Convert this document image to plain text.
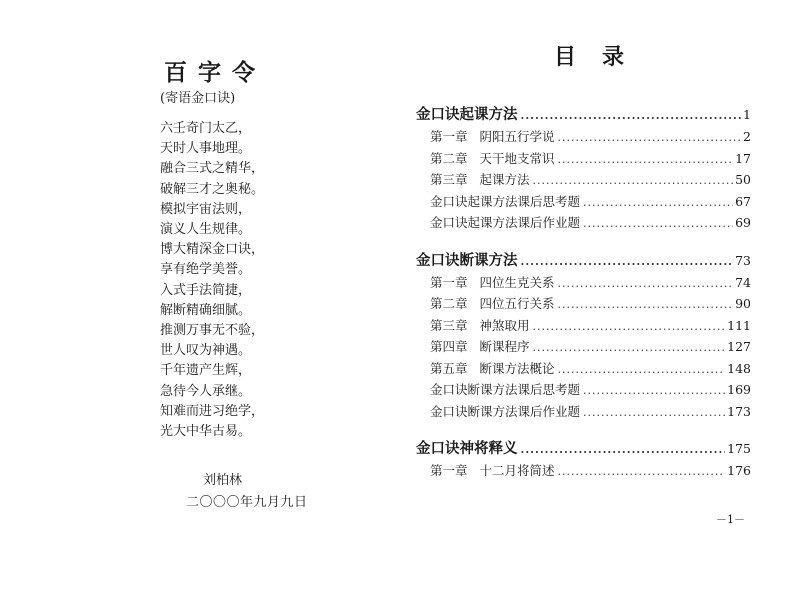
百字令
(寄语金口诀)
六壬奇门太乙，
天时人事地理。
融合三式之精华，
破解三才之奥秘。
模拟宇宙法则，
演义人生规律。
博大精深金口诀，
享有绝学美誉。
入式手法简捷，
解断精确细腻。
推测万事无不验，
世人叹为神遇。
千年遗产生辉，
急待今人承继。
知难而进习绝学，
光大中华古易。
刘柏林
二〇〇〇年九月九日
目录
金口诀起课方法 .....	1
第一章 阴阳五行学说 .....	2
第二章 天干地支常识 .....	17
第三章 起课方法 .....	50
金口诀起课方法课后思考题 .....	67
金口诀起课方法课后作业题 .....	69
金口诀断课方法 .....	73
第一章 四位生克关系 .....	74
第二章 四位五行关系 .....	90
第三章 神煞取用 .....	111
第四章 断课程序 .....	127
第五章 断课方法概论 .....	148
金口诀断课方法课后思考题 .....	169
金口诀断课方法课后作业题 .....	173
金口诀神将释义 .....	175
第一章 十二月将简述 .....	176
－1－
